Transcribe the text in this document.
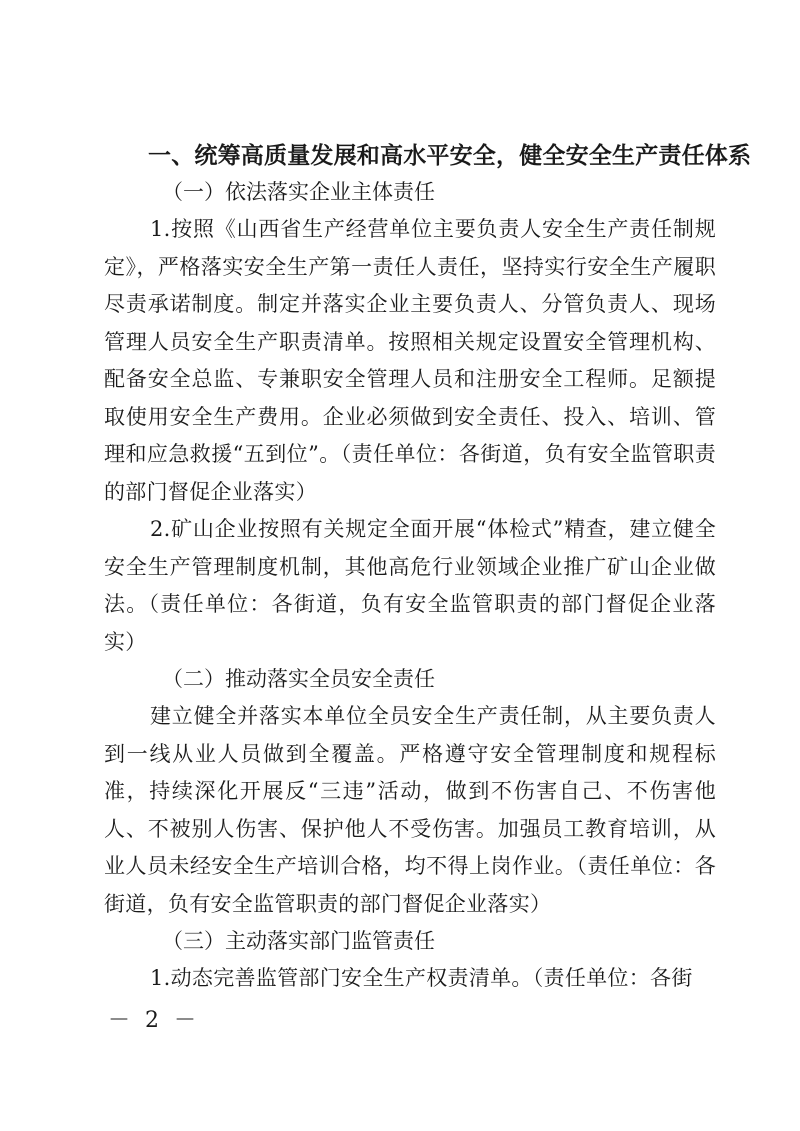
一、统筹高质量发展和高水平安全，健全安全生产责任体系
（一）依法落实企业主体责任

1.按照《山西省生产经营单位主要负责人安全生产责任制规定》，严格落实安全生产第一责任人责任，坚持实行安全生产履职尽责承诺制度。制定并落实企业主要负责人、分管负责人、现场管理人员安全生产职责清单。按照相关规定设置安全管理机构、配备安全总监、专兼职安全管理人员和注册安全工程师。足额提取使用安全生产费用。企业必须做到安全责任、投入、培训、管理和应急救援“五到位”。（责任单位：各街道，负有安全监管职责的部门督促企业落实）

2.矿山企业按照有关规定全面开展“体检式”精查，建立健全安全生产管理制度机制，其他高危行业领域企业推广矿山企业做法。（责任单位：各街道，负有安全监管职责的部门督促企业落实）

（二）推动落实全员安全责任

建立健全并落实本单位全员安全生产责任制，从主要负责人到一线从业人员做到全覆盖。严格遵守安全管理制度和规程标准，持续深化开展反“三违”活动，做到不伤害自己、不伤害他人、不被别人伤害、保护他人不受伤害。加强员工教育培训，从业人员未经安全生产培训合格，均不得上岗作业。（责任单位：各街道，负有安全监管职责的部门督促企业落实）

（三）主动落实部门监管责任

1.动态完善监管部门安全生产权责清单。（责任单位：各街

－ 2 －
